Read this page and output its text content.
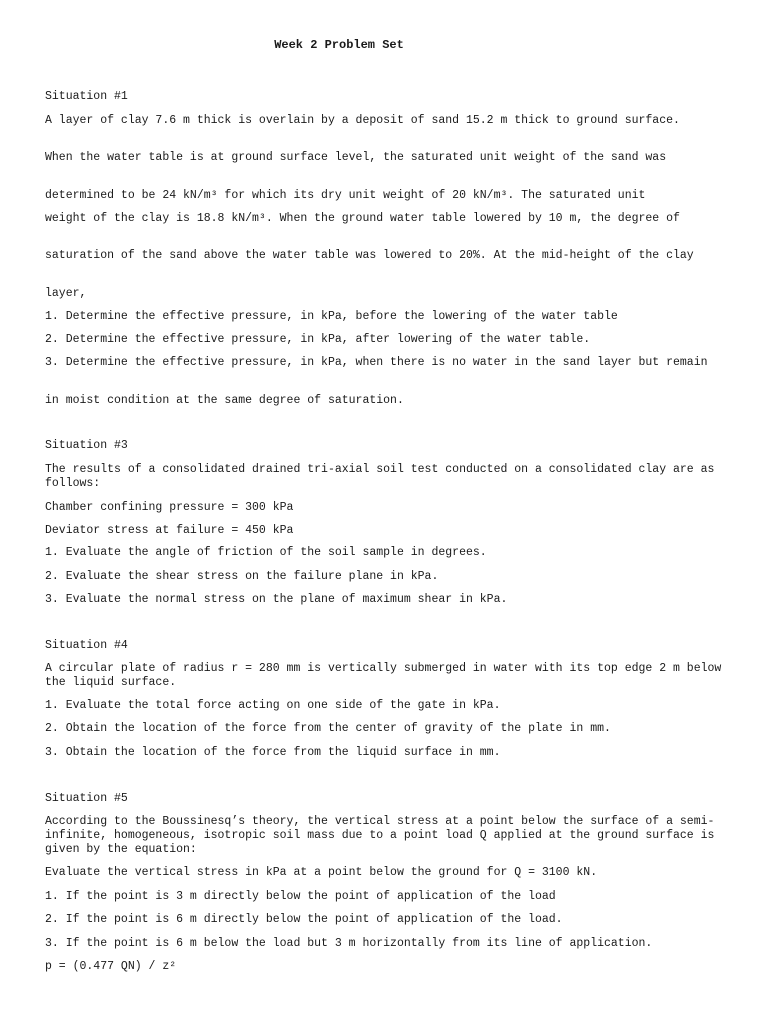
Week 2 Problem Set

Situation #1

A layer of clay 7.6 m thick is overlain by a deposit of sand 15.2 m thick to ground surface.

When the water table is at ground surface level, the saturated unit weight of the sand was

determined to be 24 kN/m³ for which its dry unit weight of 20 kN/m³. The saturated unit

weight of the clay is 18.8 kN/m³. When the ground water table lowered by 10 m, the degree of

saturation of the sand above the water table was lowered to 20%. At the mid-height of the clay

layer,

1. Determine the effective pressure, in kPa, before the lowering of the water table

2. Determine the effective pressure, in kPa, after lowering of the water table.

3. Determine the effective pressure, in kPa, when there is no water in the sand layer but remain

in moist condition at the same degree of saturation.

Situation #3

The results of a consolidated drained tri-axial soil test conducted on a consolidated clay are as follows:

Chamber confining pressure = 300 kPa

Deviator stress at failure = 450 kPa

1. Evaluate the angle of friction of the soil sample in degrees.

2. Evaluate the shear stress on the failure plane in kPa.

3. Evaluate the normal stress on the plane of maximum shear in kPa.

Situation #4

A circular plate of radius r = 280 mm is vertically submerged in water with its top edge 2 m below the liquid surface.

1. Evaluate the total force acting on one side of the gate in kPa.

2. Obtain the location of the force from the center of gravity of the plate in mm.

3. Obtain the location of the force from the liquid surface in mm.

Situation #5

According to the Boussinesq’s theory, the vertical stress at a point below the surface of a semi-infinite, homogeneous, isotropic soil mass due to a point load Q applied at the ground surface is given by the equation:

Evaluate the vertical stress in kPa at a point below the ground for Q = 3100 kN.

1. If the point is 3 m directly below the point of application of the load

2. If the point is 6 m directly below the point of application of the load.

3. If the point is 6 m below the load but 3 m horizontally from its line of application.

p = (0.477 QN) / z²
